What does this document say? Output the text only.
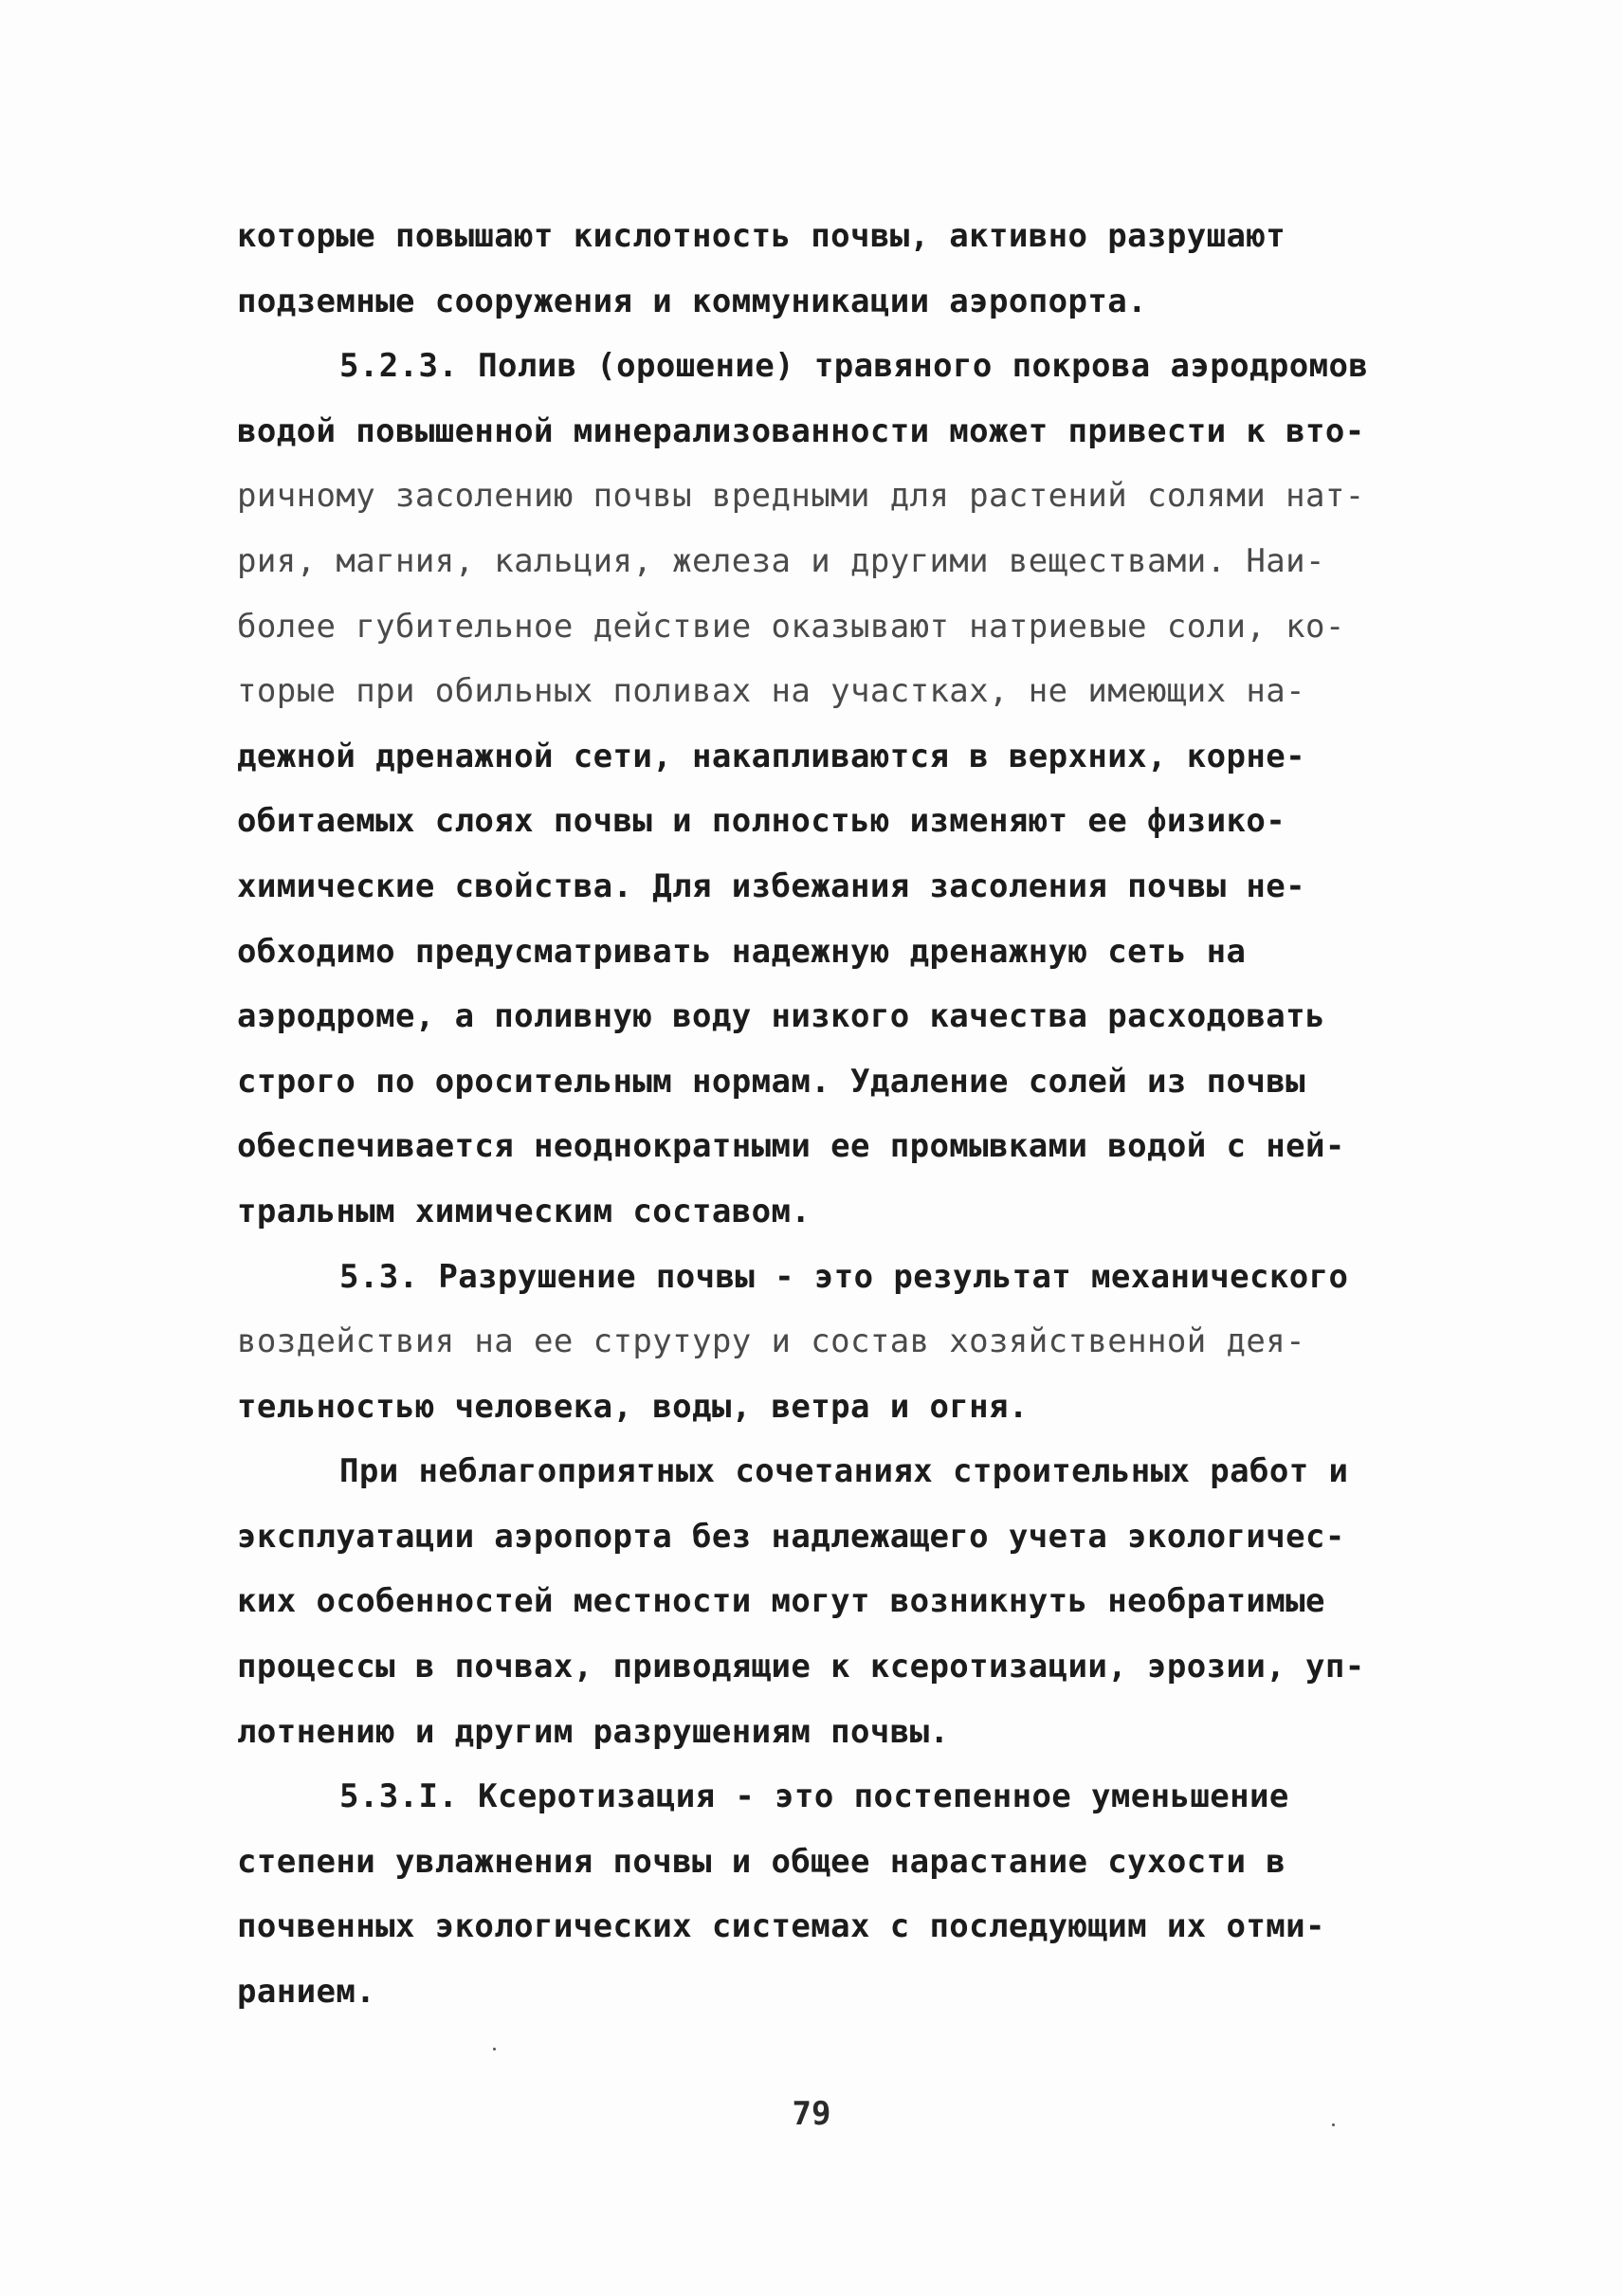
которые повышают кислотность почвы, активно разрушают
подземные сооружения и коммуникации аэропорта.
5.2.3. Полив (орошение) травяного покрова аэродромов
водой повышенной минерализованности может привести к вто-
ричному засолению почвы вредными для растений солями нат-
рия, магния, кальция, железа и другими веществами. Наи-
более губительное действие оказывают натриевые соли, ко-
торые при обильных поливах на участках, не имеющих на-
дежной дренажной сети, накапливаются в верхних, корне-
обитаемых слоях почвы и полностью изменяют ее физико-
химические свойства. Для избежания засоления почвы не-
обходимо предусматривать надежную дренажную сеть на
аэродроме, а поливную воду низкого качества расходовать
строго по оросительным нормам. Удаление солей из почвы
обеспечивается неоднократными ее промывками водой с ней-
тральным химическим составом.
5.3. Разрушение почвы - это результат механического
воздействия на ее струтуру и состав хозяйственной дея-
тельностью человека, воды, ветра и огня.
При неблагоприятных сочетаниях строительных работ и
эксплуатации аэропорта без надлежащего учета экологичес-
ких особенностей местности могут возникнуть необратимые
процессы в почвах, приводящие к ксеротизации, эрозии, уп-
лотнению и другим разрушениям почвы.
5.3.I. Ксеротизация - это постепенное уменьшение
степени увлажнения почвы и общее нарастание сухости в
почвенных экологических системах с последующим их отми-
ранием.
79
